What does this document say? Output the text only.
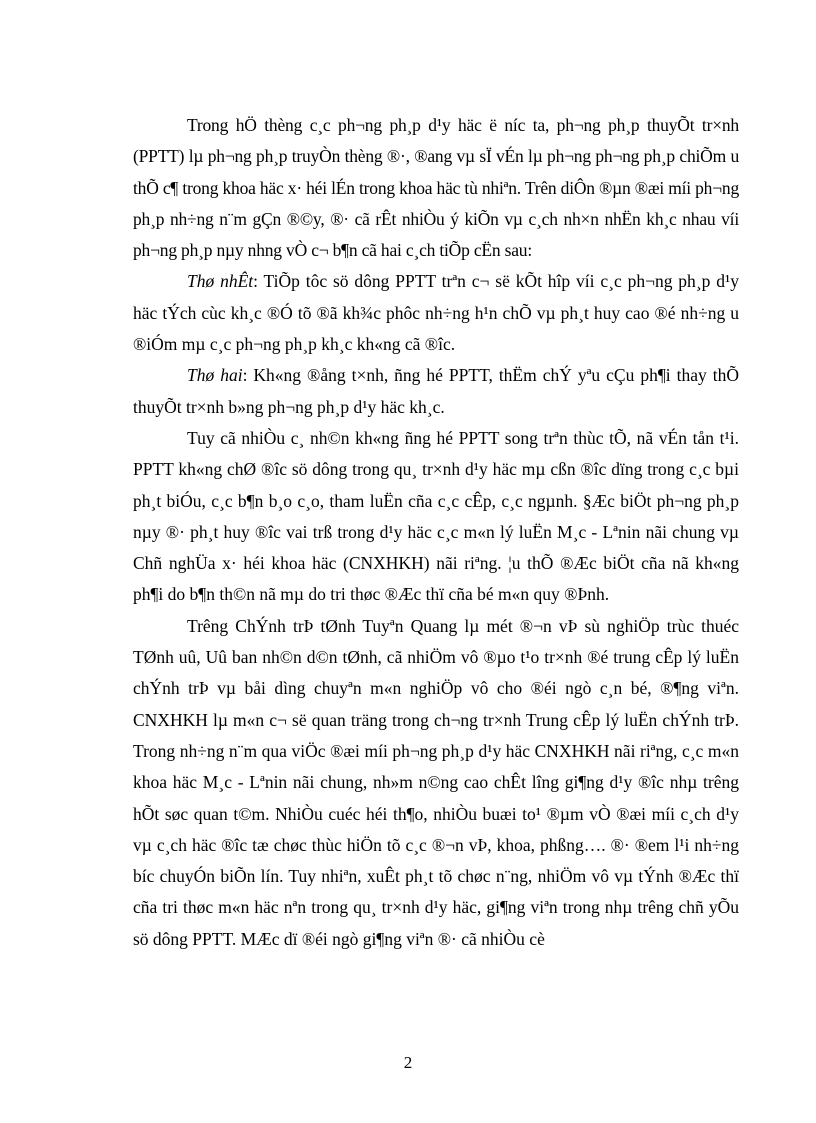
Trong hÖ thèng c¸c ph¬ng ph¸p d¹y häc ë níc ta, ph¬ng ph¸p thuyÕt tr×nh (PPTT) lµ ph¬ng ph¸p truyÒn thèng ®·, ®ang vµ sÏ vÉn lµ ph¬ng ph¬ng ph¸p chiÕm u thÕ c¶ trong khoa häc x· héi lÉn trong khoa häc tù nhiªn. Trên diÔn ®µn ®æi míi ph¬ng ph¸p nh÷ng n¨m gÇn ®©y, ®· cã rÊt nhiÒu ý kiÕn vµ c¸ch nh×n nhËn kh¸c nhau víi ph¬ng ph¸p nµy nhng vÒ c¬ b¶n cã hai c¸ch tiÕp cËn sau:

Thø nhÊt: TiÕp tôc sö dông PPTT trªn c¬ së kÕt hîp víi c¸c ph¬ng ph¸p d¹y häc tÝch cùc kh¸c ®Ó tõ ®ã kh¾c phôc nh÷ng h¹n chÕ vµ ph¸t huy cao ®é nh÷ng u ®iÓm mµ c¸c ph¬ng ph¸p kh¸c kh«ng cã ®îc.

Thø hai: Kh«ng ®ång t×nh, ñng hé PPTT, thËm chÝ yªu cÇu ph¶i thay thÕ thuyÕt tr×nh b»ng ph¬ng ph¸p d¹y häc kh¸c.

Tuy cã nhiÒu c¸ nh©n kh«ng ñng hé PPTT song trªn thùc tÕ, nã vÉn tån t¹i. PPTT kh«ng chØ ®îc sö dông trong qu¸ tr×nh d¹y häc mµ cßn ®îc dïng trong c¸c bµi ph¸t biÓu, c¸c b¶n b¸o c¸o, tham luËn cña c¸c cÊp, c¸c ngµnh. §Æc biÖt ph¬ng ph¸p nµy ®· ph¸t huy ®îc vai trß trong d¹y häc c¸c m«n lý luËn M¸c - Lªnin nãi chung vµ Chñ nghÜa x· héi khoa häc (CNXHKH) nãi riªng. ¦u thÕ ®Æc biÖt cña nã kh«ng ph¶i do b¶n th©n nã mµ do tri thøc ®Æc thï cña bé m«n quy ®Þnh.

Trêng ChÝnh trÞ tØnh Tuyªn Quang lµ mét ®¬n vÞ sù nghiÖp trùc thuéc TØnh uû, Uû ban nh©n d©n tØnh, cã nhiÖm vô ®µo t¹o tr×nh ®é trung cÊp lý luËn chÝnh trÞ vµ båi dìng chuyªn m«n nghiÖp vô cho ®éi ngò c¸n bé, ®¶ng viªn. CNXHKH lµ m«n c¬ së quan träng trong ch¬ng tr×nh Trung cÊp lý luËn chÝnh trÞ. Trong nh÷ng n¨m qua viÖc ®æi míi ph¬ng ph¸p d¹y häc CNXHKH nãi riªng, c¸c m«n khoa häc M¸c - Lªnin nãi chung, nh»m n©ng cao chÊt lîng gi¶ng d¹y ®îc nhµ trêng hÕt søc quan t©m. NhiÒu cuéc héi th¶o, nhiÒu buæi to¹ ®µm vÒ ®æi míi c¸ch d¹y vµ c¸ch häc ®îc tæ chøc thùc hiÖn tõ c¸c ®¬n vÞ, khoa, phßng…. ®· ®em l¹i nh÷ng bíc chuyÓn biÕn lín. Tuy nhiªn, xuÊt ph¸t tõ chøc n¨ng, nhiÖm vô vµ tÝnh ®Æc thï cña tri thøc m«n häc nªn trong qu¸ tr×nh d¹y häc, gi¶ng viªn trong nhµ trêng chñ yÕu sö dông PPTT. MÆc dï ®éi ngò gi¶ng viªn ®· cã nhiÒu cè

2
